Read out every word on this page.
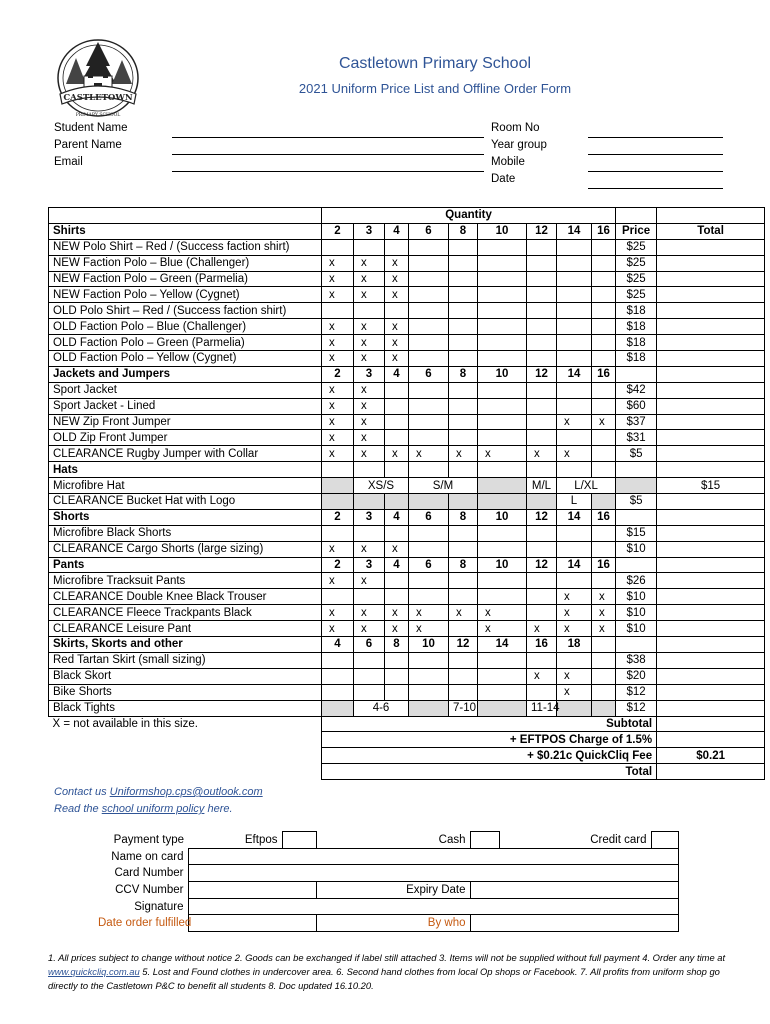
CASTLETOWN
PRIMARY SCHOOL
Castletown Primary School
2021 Uniform Price List and Offline Order Form
Student Name
Parent Name
Email
Room No
Year group
Mobile
Date
	Quantity											
Shirts	2	3	4	6	8	10	12	14	16	Price	Total	
NEW Polo Shirt – Red / (Success faction shirt)										$25		
NEW Faction Polo – Blue (Challenger)	x	x	x							$25		
NEW Faction Polo – Green (Parmelia)	x	x	x							$25		
NEW Faction Polo – Yellow (Cygnet)	x	x	x							$25		
OLD Polo Shirt – Red / (Success faction shirt)										$18		
OLD Faction Polo – Blue (Challenger)	x	x	x							$18		
OLD Faction Polo – Green (Parmelia)	x	x	x							$18		
OLD Faction Polo – Yellow (Cygnet)	x	x	x							$18		
Jackets and Jumpers	2	3	4	6	8	10	12	14	16			
Sport Jacket	x	x								$42		
Sport Jacket - Lined	x	x								$60		
NEW Zip Front Jumper	x	x						x	x	$37		
OLD Zip Front Jumper	x	x								$31		
CLEARANCE Rugby Jumper with Collar	x	x	x	x	x	x	x	x		$5		
Hats												
Microfibre Hat		XS/S		S/M			M/L	L/XL			$15	
CLEARANCE Bucket Hat with Logo								L		$5		
Shorts	2	3	4	6	8	10	12	14	16			
Microfibre Black Shorts										$15		
CLEARANCE Cargo Shorts (large sizing)	x	x	x							$10		
Pants	2	3	4	6	8	10	12	14	16			
Microfibre Tracksuit Pants	x	x								$26		
CLEARANCE Double Knee Black Trouser								x	x	$10		
CLEARANCE Fleece Trackpants Black	x	x	x	x	x	x		x	x	$10		
CLEARANCE Leisure Pant	x	x	x	x		x	x	x	x	$10		
Skirts, Skorts and other	4	6	8	10	12	14	16	18				
Red Tartan Skirt (small sizing)										$38		
Black Skort							x	x		$20		
Bike Shorts								x		$12		
Black Tights		4-6			7-10		11-14			$12		
X = not available in this size.	Subtotal											
	+ EFTPOS Charge of 1.5%											
	+ $0.21c QuickCliq Fee										$0.21	
	Total											
Contact us Uniformshop.cps@outlook.com
Read the school uniform policy here.
Payment type	Eftpos		Cash		Credit card	
Name on card						
Card Number						
CCV Number			Expiry Date			
Signature						
Date order fulfilled			By who			
1. All prices subject to change without notice 2. Goods can be exchanged if label still attached 3. Items will not be supplied without full payment 4. Order any time at www.quickcliq.com.au 5. Lost and Found clothes in undercover area. 6. Second hand clothes from local Op shops or Facebook. 7. All profits from uniform shop go directly to the Castletown P&C to benefit all students 8. Doc updated 16.10.20.
